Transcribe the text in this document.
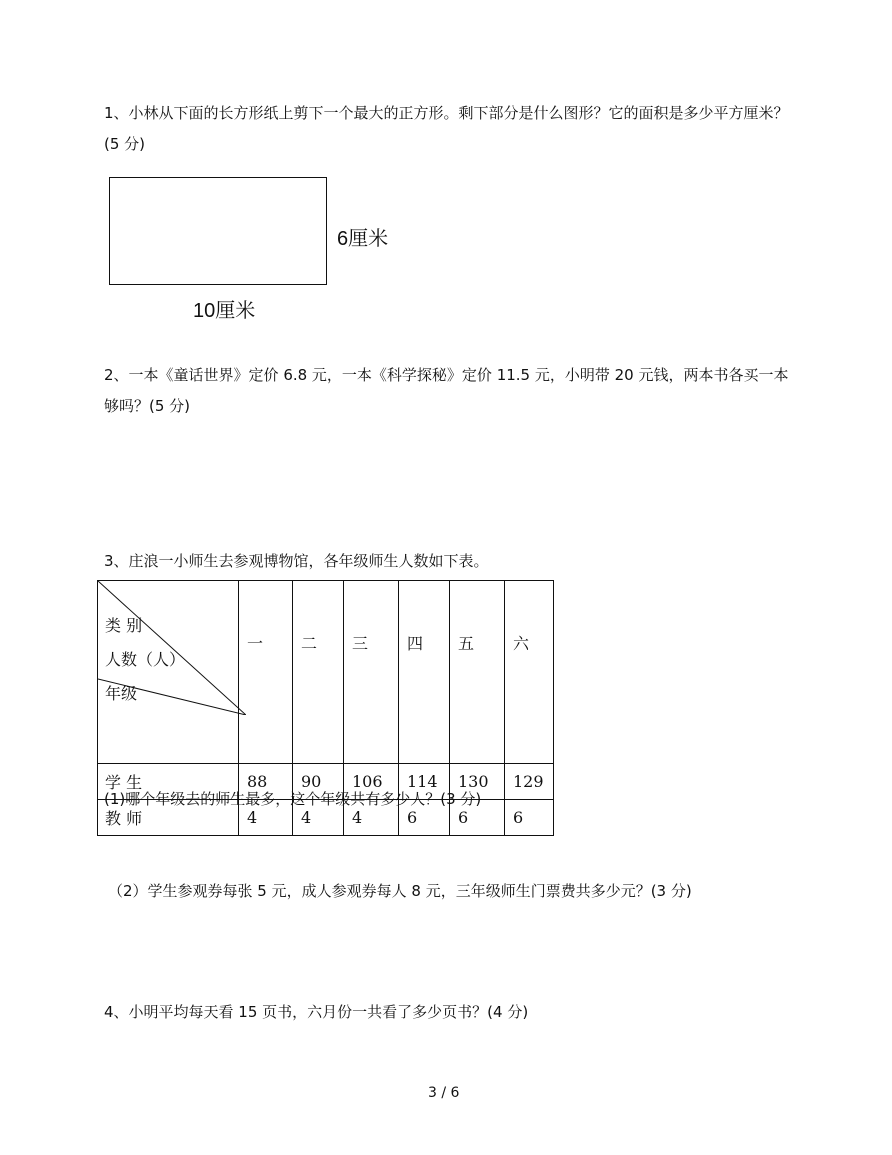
1、小林从下面的长方形纸上剪下一个最大的正方形。剩下部分是什么图形？它的面积是多少平方厘米？(5 分)

6厘米
10厘米

2、一本《童话世界》定价 6.8 元，一本《科学探秘》定价 11.5 元，小明带 20 元钱，两本书各买一本够吗？(5 分)

3、庄浪一小师生去参观博物馆，各年级师生人数如下表。

类 别
人数（人）
年级	一	二	三	四	五	六
学 生	88	90	106	114	130	129
教 师	4	4	4	6	6	6

(1)哪个年级去的师生最多，这个年级共有多少人？(3 分)

（2）学生参观券每张 5 元，成人参观券每人 8 元，三年级师生门票费共多少元？(3 分)

4、小明平均每天看 15 页书，六月份一共看了多少页书？(4 分)

3 / 6
